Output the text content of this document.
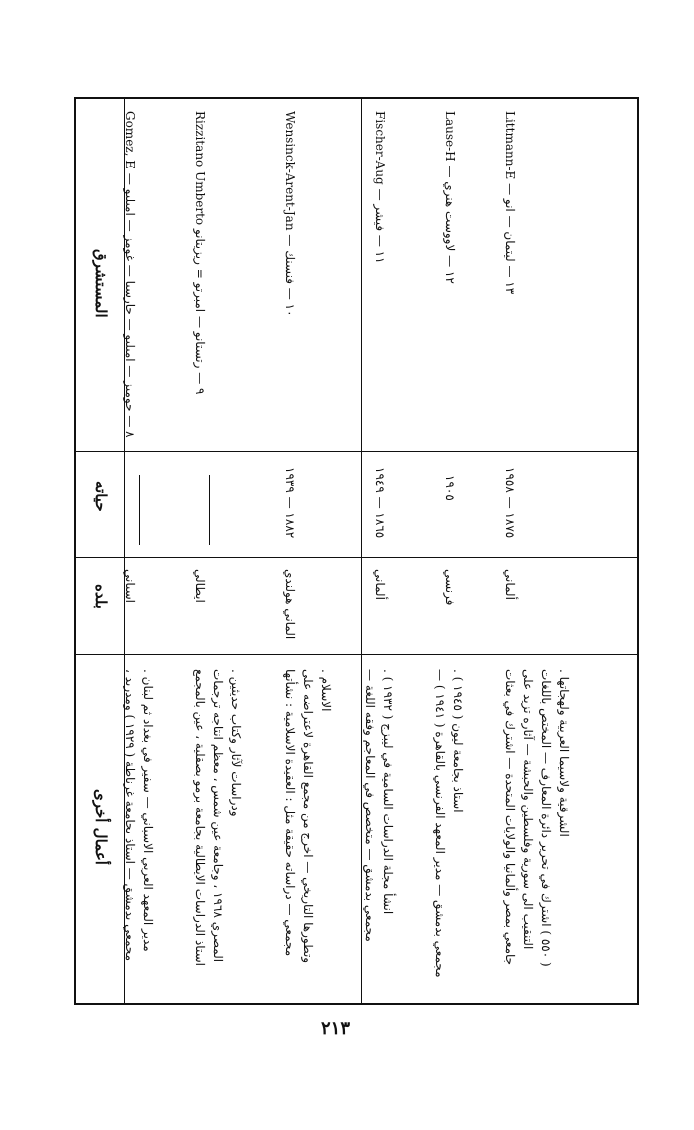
المستشرق
حياته
بلده
أعمال أخرى
٨ — جوميز — اميليو — جارسيا — غومز — اميليو — Gomez, E
اسباني
مجمعي بدمشق — استاذ بجامعة غرناطة ( ١٩٢٩ ) ومدريد ، مدير المعهد العربي الاسباني — سفير في بغداد ثم لبنان .
٩ — رتستانو — امبرتو = ريزيتانو Rizzitano Umberto
ايطالي
استاذ الدراسات الايطالية بجامعة برمو بصقلية ، عين بالمجمع المصري ١٩٦٨ ، وجامعة عين شمس ، معظم انتاجه ترجمات
ودراسات لآثار وكتاب حديثين .
١٠ — فنسنك — Wensinck-Arent-Jan
١٨٨٢ — ١٩٣٩
الماني هولندي
مجمعي — دراساته حقيقة مثل : العقيدة الاسلامية : نشأتها وتطورها التاريخي — اخرج من مجمع القاهرة لاعتراضه على الاسلام .
١١ — فيشر — Fischer-Aug
١٨٦٥ — ١٩٤٩
ألماني
مجمعي بدمشق — متخصص في المعاجم وفقه اللغة — انشأ مجلة الدراسات السامية في ليبزج ( ١٩٣٢ ) .
١٢ — لاووست هنري — Lause-H
١٩٠٥
فرنسي
مجمعي بدمشق — مدير المعهد الفرنسي بالقاهرة ( ١٩٤١ ) —
استاذ بجامعة ليون ( ١٩٤٥ ) .
١٣ — ليتمان — انو — Littmann-E
١٨٧٥ — ١٩٥٨
ألماني
جامعي بمصر وألمانيا والولايات المتحدة — اشترك في بعثات التنقيب الى سورية وفلسطين والحبشة — آثاره تزيد على ( ٥٥٠ ) اشترك في تحرير دائرة المعارف — المختص باللغات
الشرقية ولاسيما العربية ولهجاتها .
٢١٣
